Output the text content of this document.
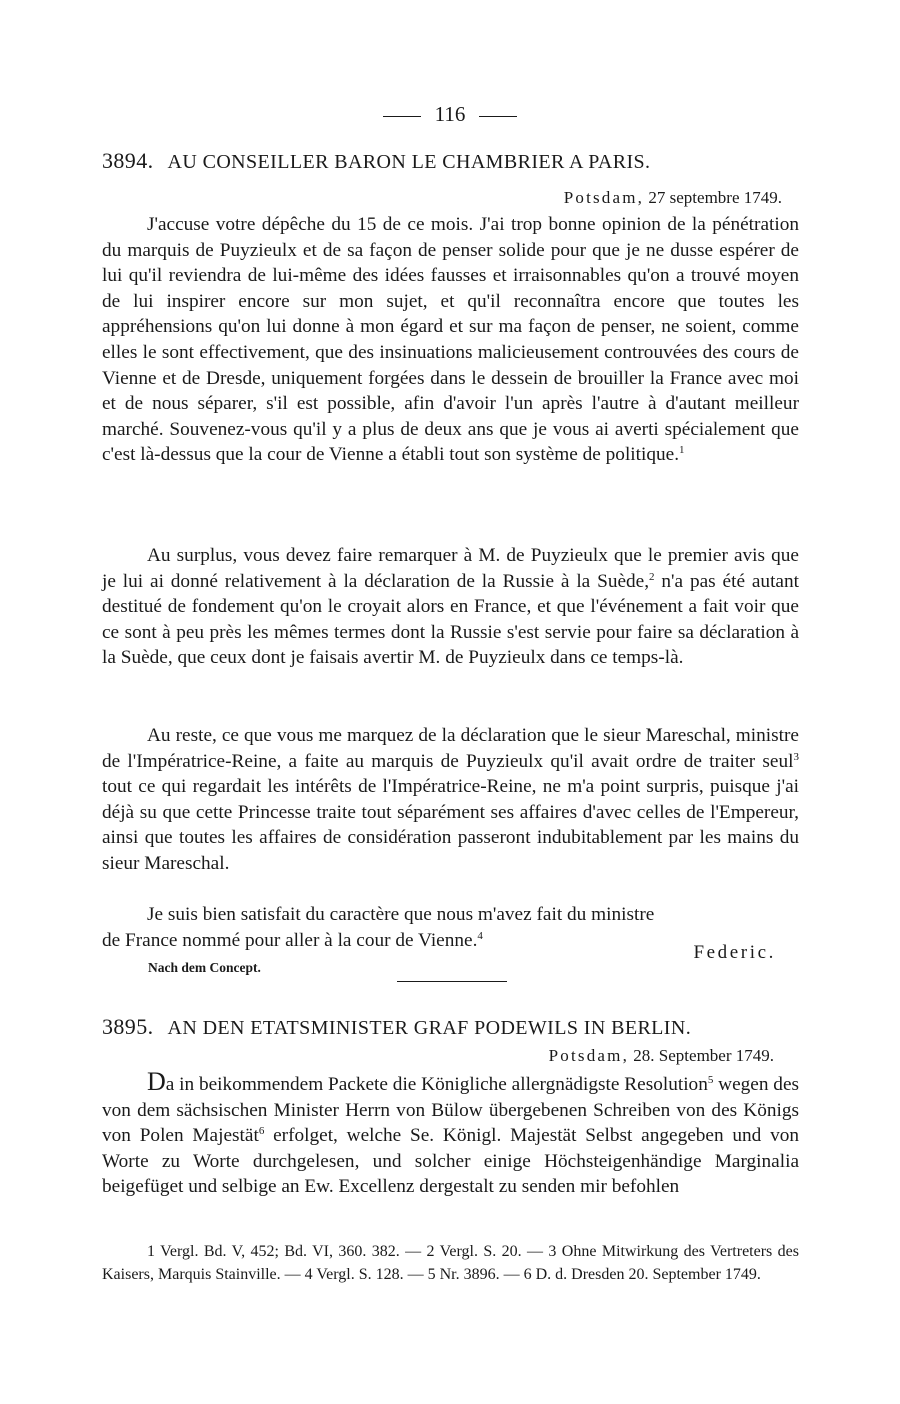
116
3894. AU CONSEILLER BARON LE CHAMBRIER A PARIS.
Potsdam, 27 septembre 1749.

J'accuse votre dépêche du 15 de ce mois. J'ai trop bonne opinion de la pénétration du marquis de Puyzieulx et de sa façon de penser solide pour que je ne dusse espérer de lui qu'il reviendra de lui-même des idées fausses et irraisonnables qu'on a trouvé moyen de lui inspirer encore sur mon sujet, et qu'il reconnaîtra encore que toutes les appréhensions qu'on lui donne à mon égard et sur ma façon de penser, ne soient, comme elles le sont effectivement, que des insinuations malicieusement controuvées des cours de Vienne et de Dresde, uniquement forgées dans le dessein de brouiller la France avec moi et de nous séparer, s'il est possible, afin d'avoir l'un après l'autre à d'autant meilleur marché. Souvenez-vous qu'il y a plus de deux ans que je vous ai averti spécialement que c'est là-dessus que la cour de Vienne a établi tout son système de politique.$^1$

Au surplus, vous devez faire remarquer à M. de Puyzieulx que le premier avis que je lui ai donné relativement à la déclaration de la Russie à la Suède,$^2$ n'a pas été autant destitué de fondement qu'on le croyait alors en France, et que l'événement a fait voir que ce sont à peu près les mêmes termes dont la Russie s'est servie pour faire sa déclaration à la Suède, que ceux dont je faisais avertir M. de Puyzieulx dans ce temps-là.

Au reste, ce que vous me marquez de la déclaration que le sieur Mareschal, ministre de l'Impératrice-Reine, a faite au marquis de Puyzieulx qu'il avait ordre de traiter seul$^3$ tout ce qui regardait les intérêts de l'Impératrice-Reine, ne m'a point surpris, puisque j'ai déjà su que cette Princesse traite tout séparément ses affaires d'avec celles de l'Empereur, ainsi que toutes les affaires de considération passeront indubitablement par les mains du sieur Mareschal.

Je suis bien satisfait du caractère que nous m'avez fait du ministre de France nommé pour aller à la cour de Vienne.$^4$

Federic.
Nach dem Concept.
3895. AN DEN ETATSMINISTER GRAF PODEWILS IN BERLIN.
Potsdam, 28. September 1749.

Da in beikommendem Packete die Königliche allergnädigste Resolution$^5$ wegen des von dem sächsischen Minister Herrn von Bülow übergebenen Schreiben von des Königs von Polen Majestät$^6$ erfolget, welche Se. Königl. Majestät Selbst angegeben und von Worte zu Worte durchgelesen, und solcher einige Höchsteigenhändige Marginalia beigefüget und selbige an Ew. Excellenz dergestalt zu senden mir befohlen

1 Vergl. Bd. V, 452; Bd. VI, 360. 382. — 2 Vergl. S. 20. — 3 Ohne Mitwirkung des Vertreters des Kaisers, Marquis Stainville. — 4 Vergl. S. 128. — 5 Nr. 3896. — 6 D. d. Dresden 20. September 1749.
